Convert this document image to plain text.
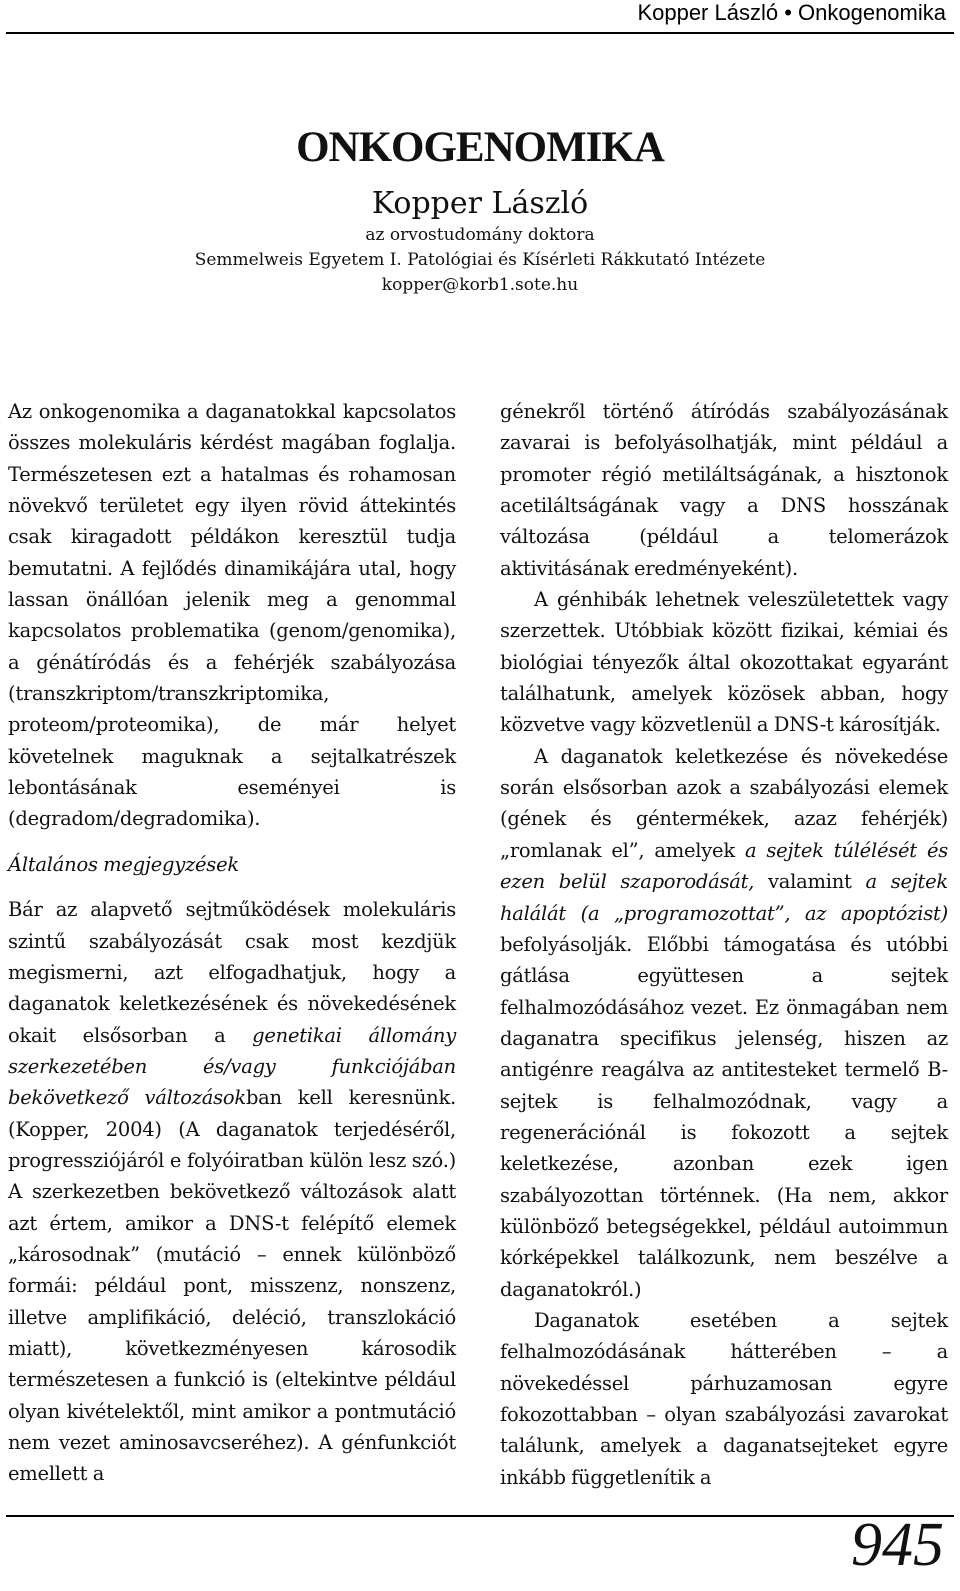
Kopper László • Onkogenomika
ONKOGENOMIKA
Kopper László
az orvostudomány doktora
Semmelweis Egyetem I. Patológiai és Kísérleti Rákkutató Intézete
kopper@korb1.sote.hu

Az onkogenomika a daganatokkal kapcsolatos összes molekuláris kérdést magában foglalja. Természetesen ezt a hatalmas és rohamosan növekvő területet egy ilyen rövid áttekintés csak kiragadott példákon keresztül tudja bemutatni. A fejlődés dinamikájára utal, hogy lassan önállóan jelenik meg a genommal kapcsolatos problematika (genom/genomika), a génátíródás és a fehérjék szabályozása (transzkriptom/transzkriptomika, proteom/proteomika), de már helyet követelnek maguknak a sejtalkatrészek lebontásának eseményei is (degradom/degradomika).

Általános megjegyzések

Bár az alapvető sejtműködések molekuláris szintű szabályozását csak most kezdjük megismerni, azt elfogadhatjuk, hogy a daganatok keletkezésének és növekedésének okait elsősorban a genetikai állomány szerkezetében és/vagy funkciójában bekövetkező változásokban kell keresnünk. (Kopper, 2004) (A daganatok terjedéséről, progressziójáról e folyóiratban külön lesz szó.) A szerkezetben bekövetkező változások alatt azt értem, amikor a DNS-t felépítő elemek „károsodnak” (mutáció – ennek különböző formái: például pont, misszenz, nonszenz, illetve amplifikáció, deléció, transzlokáció miatt), következményesen károsodik természetesen a funkció is (eltekintve például olyan kivételektől, mint amikor a pontmutáció nem vezet aminosavcseréhez). A génfunkciót emellett a

génekről történő átíródás szabályozásának zavarai is befolyásolhatják, mint például a promoter régió metiláltságának, a hisztonok acetiláltságának vagy a DNS hosszának változása (például a telomerázok aktivitásának eredményeként).

A génhibák lehetnek veleszületettek vagy szerzettek. Utóbbiak között fizikai, kémiai és biológiai tényezők által okozottakat egyaránt találhatunk, amelyek közösek abban, hogy közvetve vagy közvetlenül a DNS-t károsítják.

A daganatok keletkezése és növekedése során elsősorban azok a szabályozási elemek (gének és géntermékek, azaz fehérjék) „romlanak el”, amelyek a sejtek túlélését és ezen belül szaporodását, valamint a sejtek halálát (a „programozottat”, az apoptózist) befolyásolják. Előbbi támogatása és utóbbi gátlása együttesen a sejtek felhalmozódásához vezet. Ez önmagában nem daganatra specifikus jelenség, hiszen az antigénre reagálva az antitesteket termelő B-sejtek is felhalmozódnak, vagy a regenerációnál is fokozott a sejtek keletkezése, azonban ezek igen szabályozottan történnek. (Ha nem, akkor különböző betegségekkel, például autoimmun kórképekkel találkozunk, nem beszélve a daganatokról.)

Daganatok esetében a sejtek felhalmozódásának hátterében – a növekedéssel párhuzamosan egyre fokozottabban – olyan szabályozási zavarokat találunk, amelyek a daganatsejteket egyre inkább függetlenítik a

945
